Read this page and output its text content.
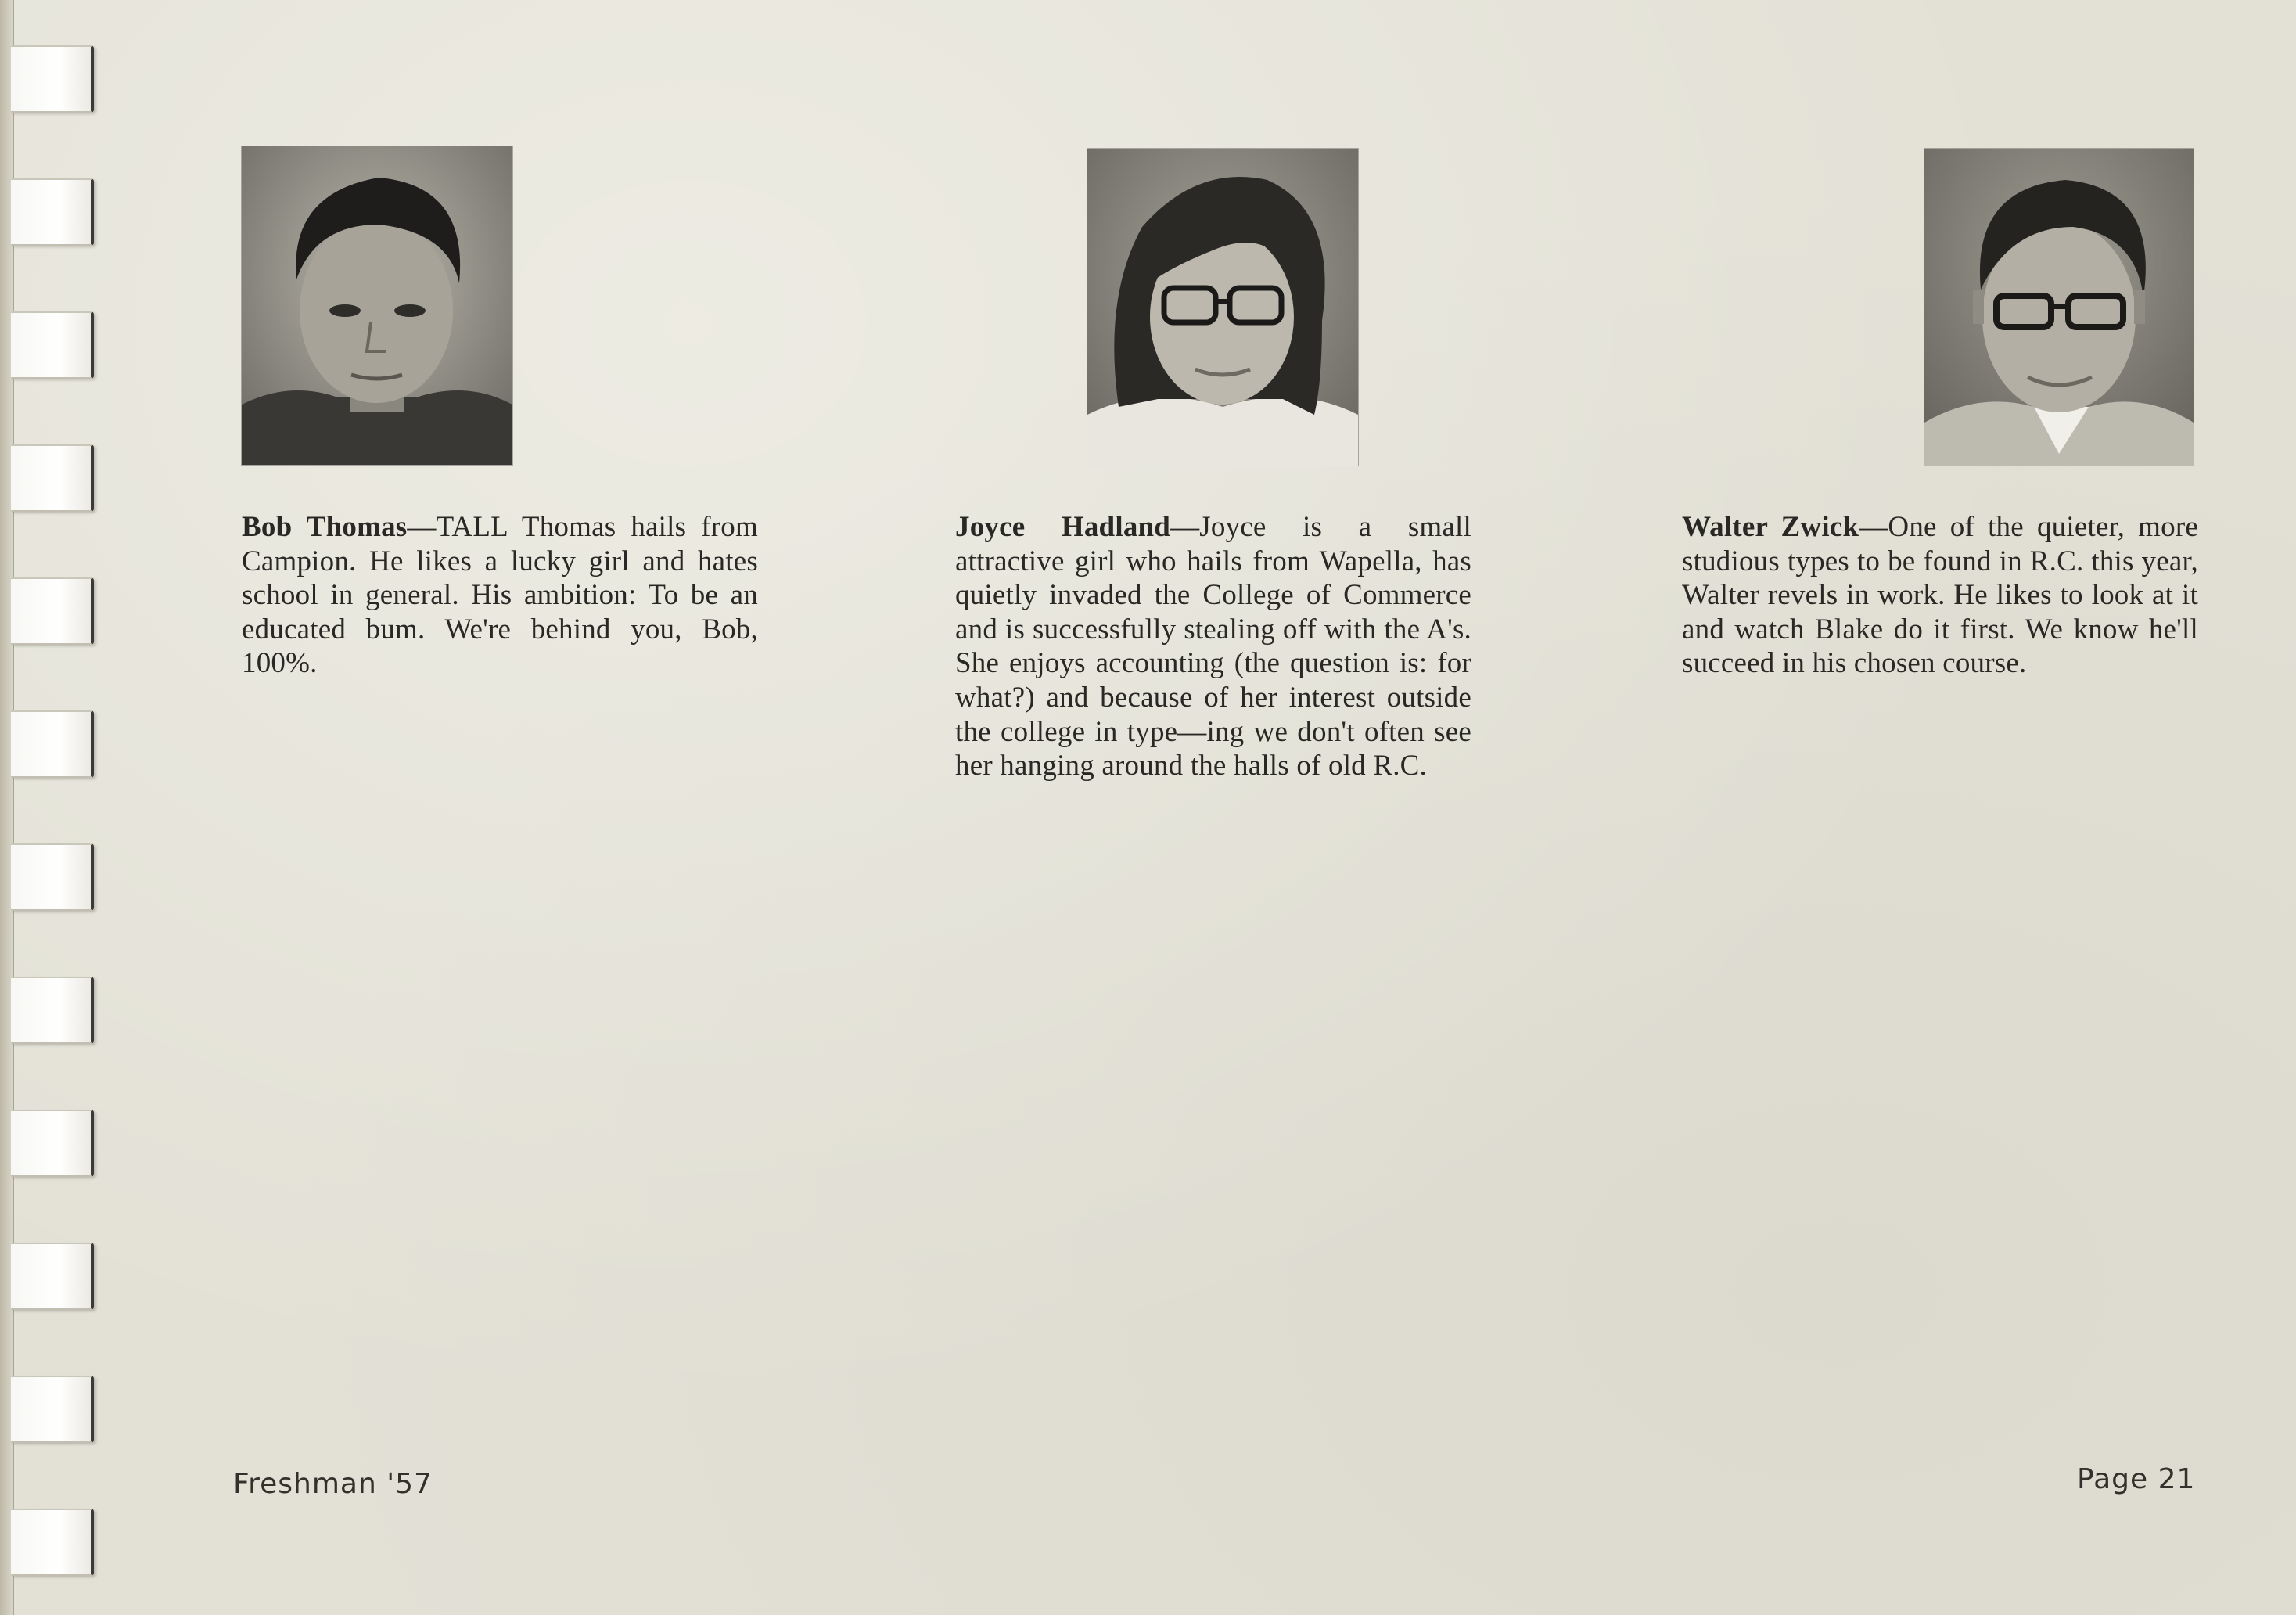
Bob Thomas—TALL Thomas hails from Campion. He likes a lucky girl and hates school in general. His ambition: To be an educated bum. We're behind you, Bob, 100%.
Joyce Hadland—Joyce is a small attractive girl who hails from Wapella, has quietly invaded the College of Commerce and is successfully stealing off with the A's. She enjoys accounting (the question is: for what?) and because of her interest outside the college in type—ing we don't often see her hanging around the halls of old R.C.
Walter Zwick—One of the quieter, more studious types to be found in R.C. this year, Walter revels in work. He likes to look at it and watch Blake do it first. We know he'll succeed in his chosen course.
Freshman '57	Page 21
